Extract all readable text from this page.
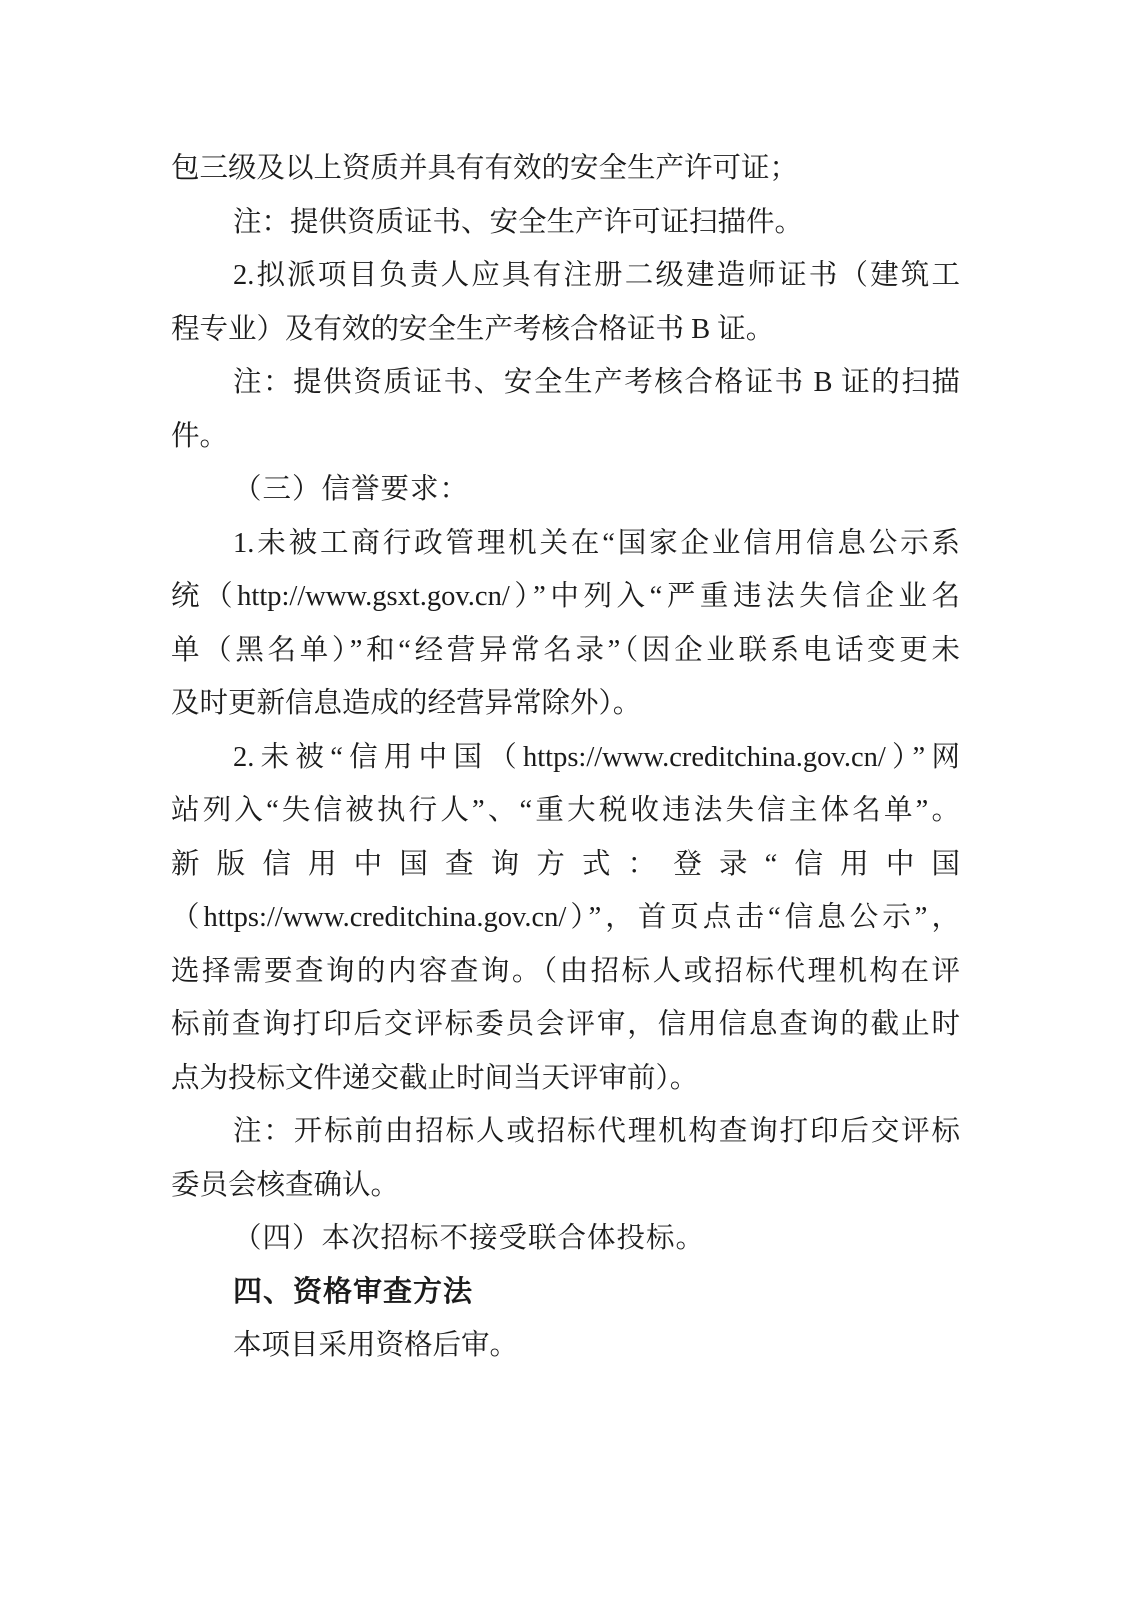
包三级及以上资质并具有有效的安全生产许可证；
注：提供资质证书、安全生产许可证扫描件。
2.拟派项目负责人应具有注册二级建造师证书（建筑工
程专业）及有效的安全生产考核合格证书 B 证。
注：提供资质证书、安全生产考核合格证书 B 证的扫描
件。
（三）信誉要求：
1.未被工商行政管理机关在“国家企业信用信息公示系
统（http://www.gsxt.gov.cn/）”中列入“严重违法失信企业名
单（黑名单）”和“经营异常名录”（因企业联系电话变更未
及时更新信息造成的经营异常除外）。
2.未被“信用中国（https://www.creditchina.gov.cn/）”网
站列入“失信被执行人”、“重大税收违法失信主体名单”。
新版信用中国查询方式：登录“信用中国
（https://www.creditchina.gov.cn/）”，首页点击“信息公示”，
选择需要查询的内容查询。（由招标人或招标代理机构在评
标前查询打印后交评标委员会评审，信用信息查询的截止时
点为投标文件递交截止时间当天评审前）。
注：开标前由招标人或招标代理机构查询打印后交评标
委员会核查确认。
（四）本次招标不接受联合体投标。
四、资格审查方法
本项目采用资格后审。
